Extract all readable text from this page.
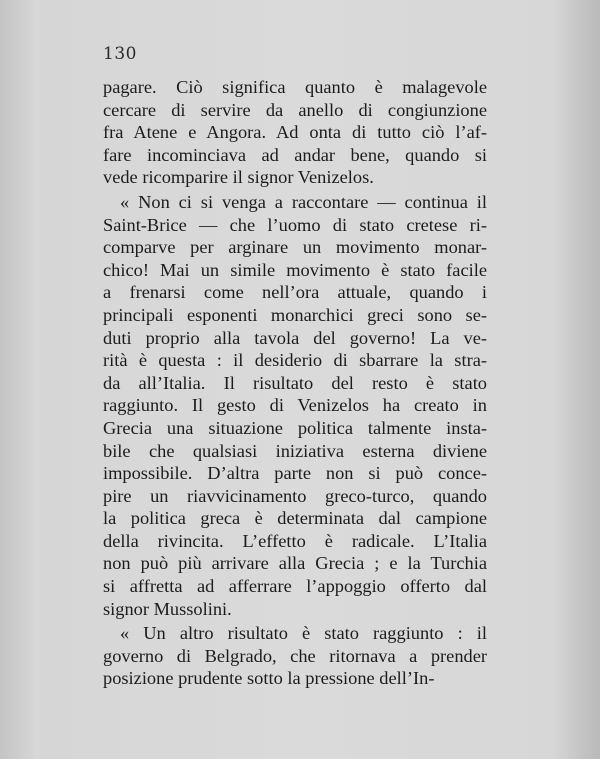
130
pagare. Ciò significa quanto è malagevole
cercare di servire da anello di congiunzione
fra Atene e Angora. Ad onta di tutto ciò l’af-
fare incominciava ad andar bene, quando si
vede ricomparire il signor Venizelos.
« Non ci si venga a raccontare — continua il
Saint-Brice — che l’uomo di stato cretese ri-
comparve per arginare un movimento monar-
chico! Mai un simile movimento è stato facile
a frenarsi come nell’ora attuale, quando i
principali esponenti monarchici greci sono se-
duti proprio alla tavola del governo! La ve-
rità è questa : il desiderio di sbarrare la stra-
da all’Italia. Il risultato del resto è stato
raggiunto. Il gesto di Venizelos ha creato in
Grecia una situazione politica talmente insta-
bile che qualsiasi iniziativa esterna diviene
impossibile. D’altra parte non si può conce-
pire un riavvicinamento greco-turco, quando
la politica greca è determinata dal campione
della rivincita. L’effetto è radicale. L’Italia
non può più arrivare alla Grecia ; e la Turchia
si affretta ad afferrare l’appoggio offerto dal
signor Mussolini.
« Un altro risultato è stato raggiunto : il
governo di Belgrado, che ritornava a prender
posizione prudente sotto la pressione dell’In-
